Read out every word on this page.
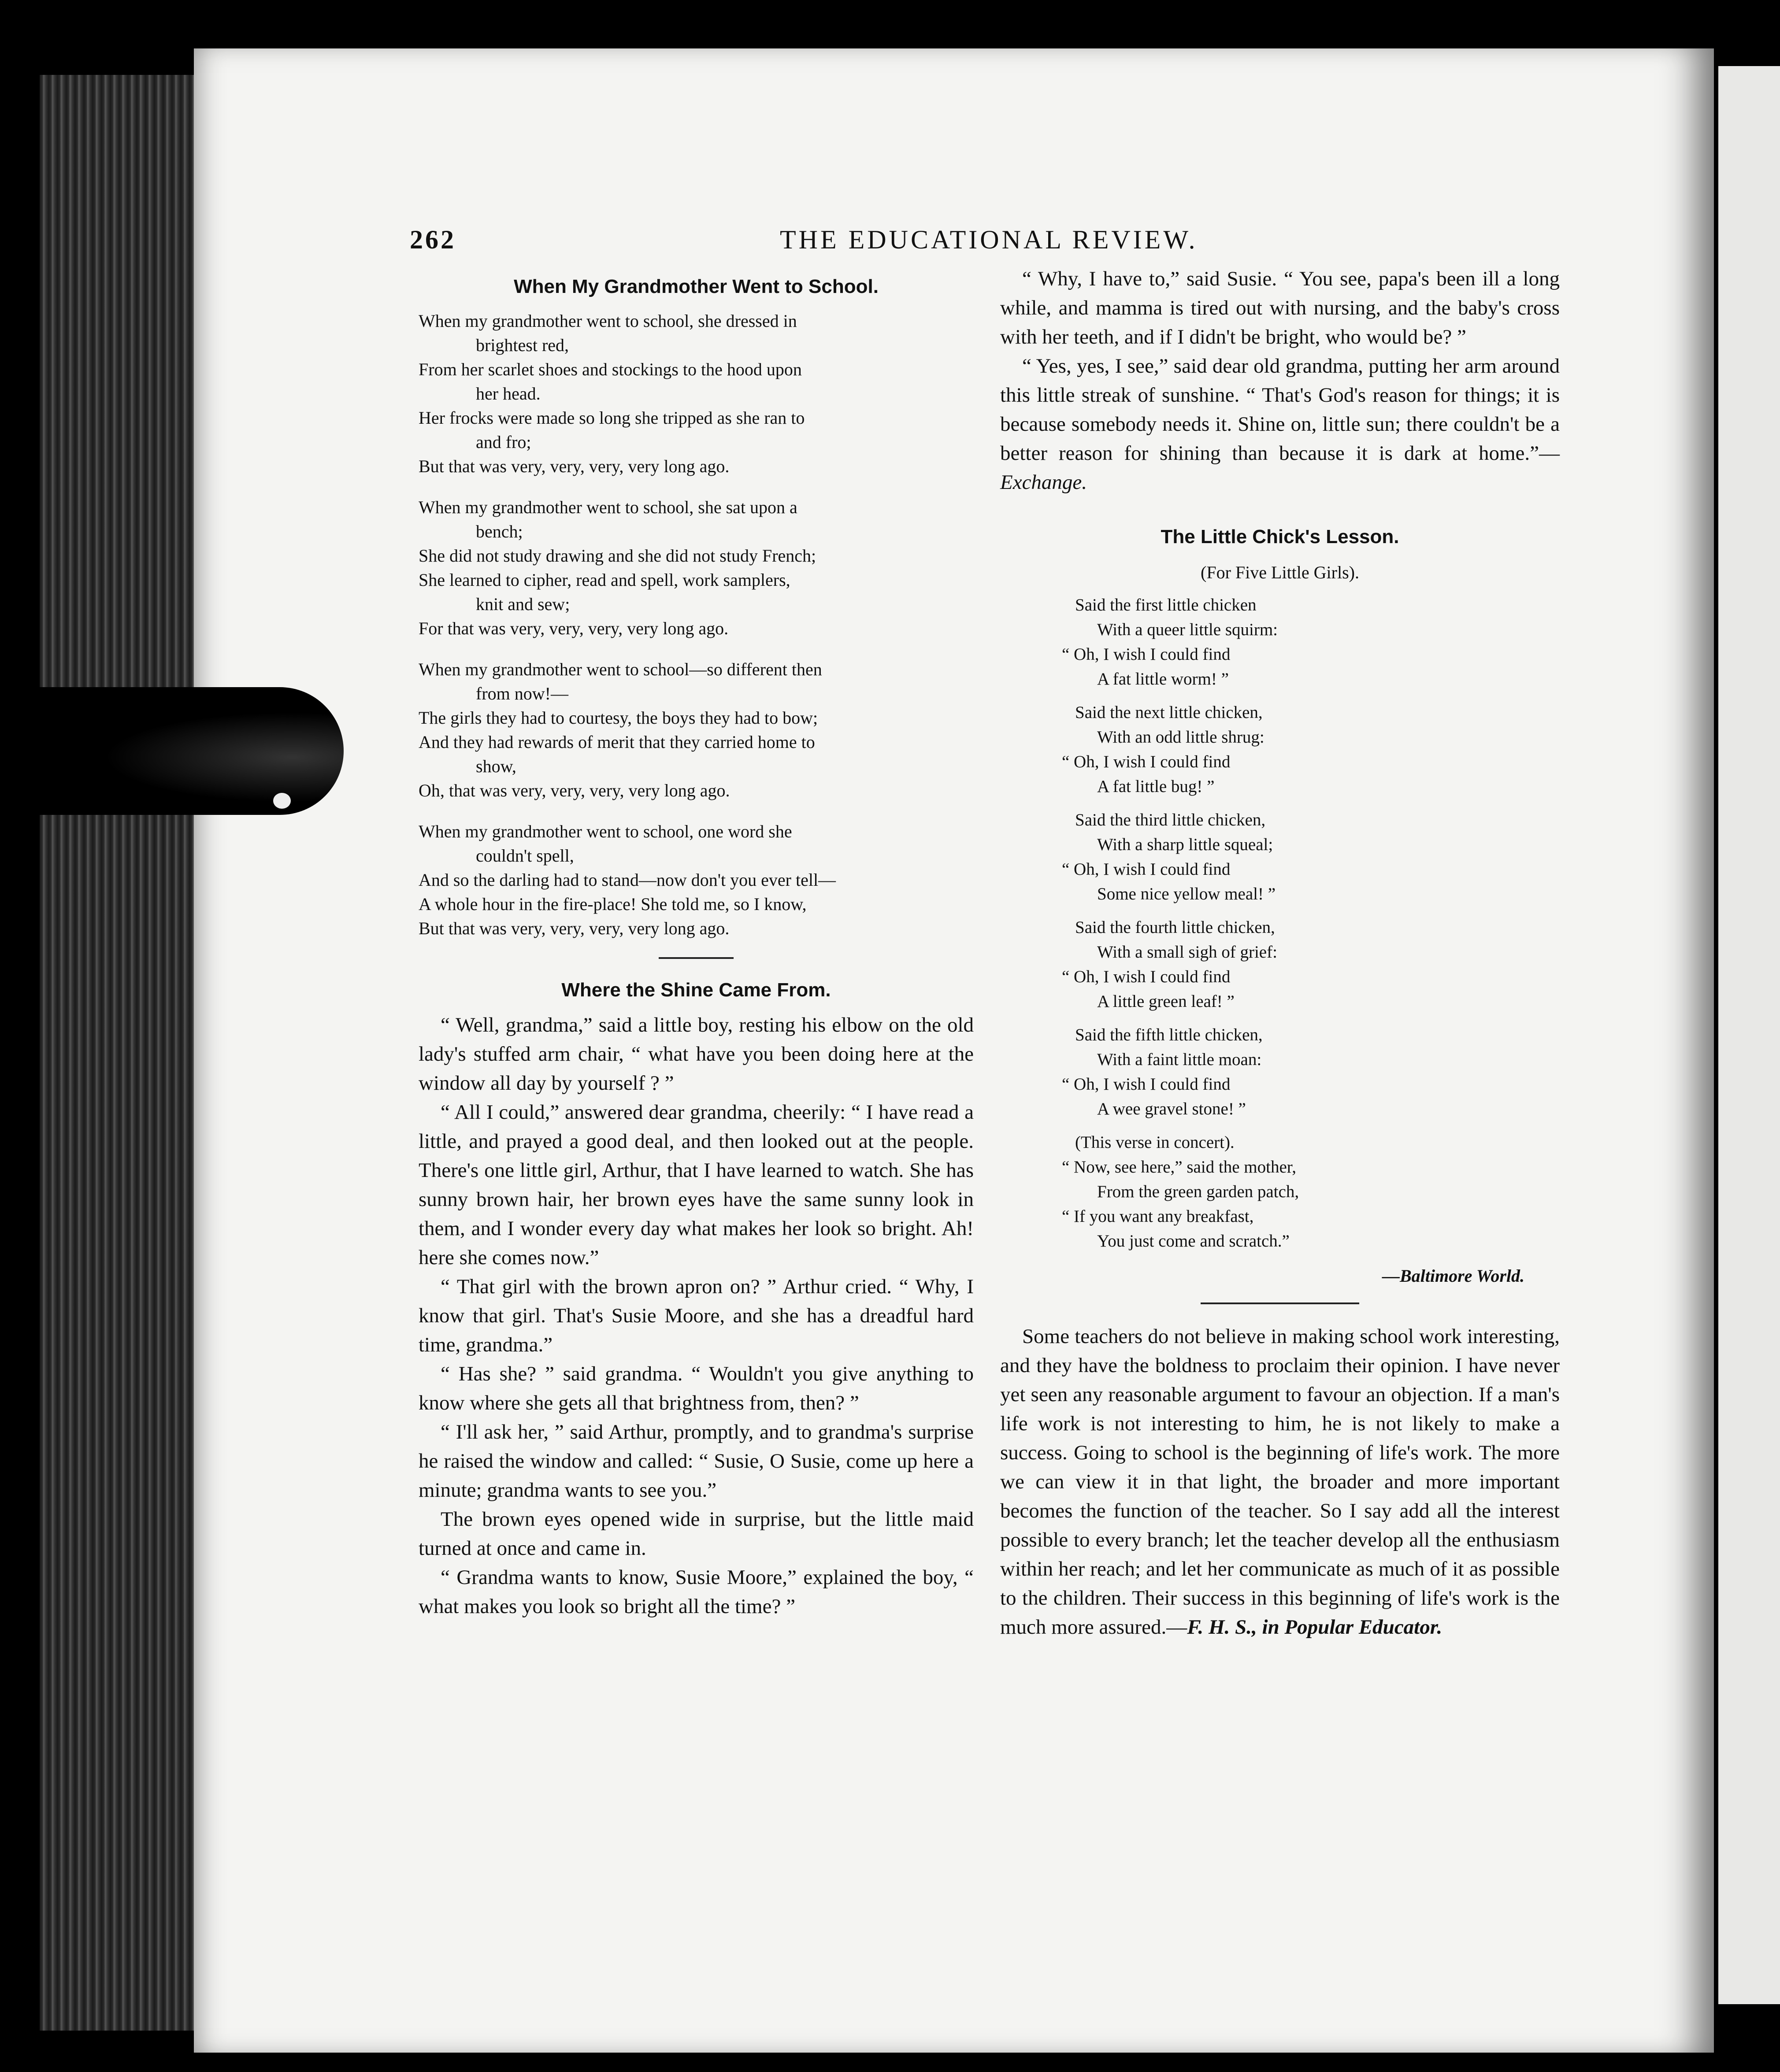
262	THE EDUCATIONAL REVIEW.
When My Grandmother Went to School.
When my grandmother went to school, she dressed in
brightest red,
From her scarlet shoes and stockings to the hood upon
her head.
Her frocks were made so long she tripped as she ran to
and fro;
But that was very, very, very, very long ago.
When my grandmother went to school, she sat upon a
bench;
She did not study drawing and she did not study French;
She learned to cipher, read and spell, work samplers,
knit and sew;
For that was very, very, very, very long ago.
When my grandmother went to school—so different then
from now!—
The girls they had to courtesy, the boys they had to bow;
And they had rewards of merit that they carried home to
show,
Oh, that was very, very, very, very long ago.
When my grandmother went to school, one word she
couldn't spell,
And so the darling had to stand—now don't you ever tell—
A whole hour in the fire-place! She told me, so I know,
But that was very, very, very, very long ago.
Where the Shine Came From.

“ Well, grandma,” said a little boy, resting his elbow on the old lady's stuffed arm chair, “ what have you been doing here at the window all day by yourself ? ”

“ All I could,” answered dear grandma, cheerily: “ I have read a little, and prayed a good deal, and then looked out at the people. There's one little girl, Arthur, that I have learned to watch. She has sunny brown hair, her brown eyes have the same sunny look in them, and I wonder every day what makes her look so bright. Ah! here she comes now.”

“ That girl with the brown apron on? ” Arthur cried. “ Why, I know that girl. That's Susie Moore, and she has a dreadful hard time, grandma.”

“ Has she? ” said grandma. “ Wouldn't you give anything to know where she gets all that brightness from, then? ”

“ I'll ask her, ” said Arthur, promptly, and to grandma's surprise he raised the window and called: “ Susie, O Susie, come up here a minute; grandma wants to see you.”

The brown eyes opened wide in surprise, but the little maid turned at once and came in.

“ Grandma wants to know, Susie Moore,” explained the boy, “ what makes you look so bright all the time? ”

“ Why, I have to,” said Susie. “ You see, papa's been ill a long while, and mamma is tired out with nursing, and the baby's cross with her teeth, and if I didn't be bright, who would be? ”

“ Yes, yes, I see,” said dear old grandma, putting her arm around this little streak of sunshine. “ That's God's reason for things; it is because somebody needs it. Shine on, little sun; there couldn't be a better reason for shining than because it is dark at home.”—Exchange.

The Little Chick's Lesson.
(For Five Little Girls).
Said the first little chicken
With a queer little squirm:
“ Oh, I wish I could find
A fat little worm! ”
Said the next little chicken,
With an odd little shrug:
“ Oh, I wish I could find
A fat little bug! ”
Said the third little chicken,
With a sharp little squeal;
“ Oh, I wish I could find
Some nice yellow meal! ”
Said the fourth little chicken,
With a small sigh of grief:
“ Oh, I wish I could find
A little green leaf! ”
Said the fifth little chicken,
With a faint little moan:
“ Oh, I wish I could find
A wee gravel stone! ”
(This verse in concert).
“ Now, see here,” said the mother,
From the green garden patch,
“ If you want any breakfast,
You just come and scratch.”
—Baltimore World.

Some teachers do not believe in making school work interesting, and they have the boldness to proclaim their opinion. I have never yet seen any reasonable argument to favour an objection. If a man's life work is not interesting to him, he is not likely to make a success. Going to school is the beginning of life's work. The more we can view it in that light, the broader and more important becomes the function of the teacher. So I say add all the interest possible to every branch; let the teacher develop all the enthusiasm within her reach; and let her communicate as much of it as possible to the children. Their success in this beginning of life's work is the much more assured.—F. H. S., in Popular Educator.
